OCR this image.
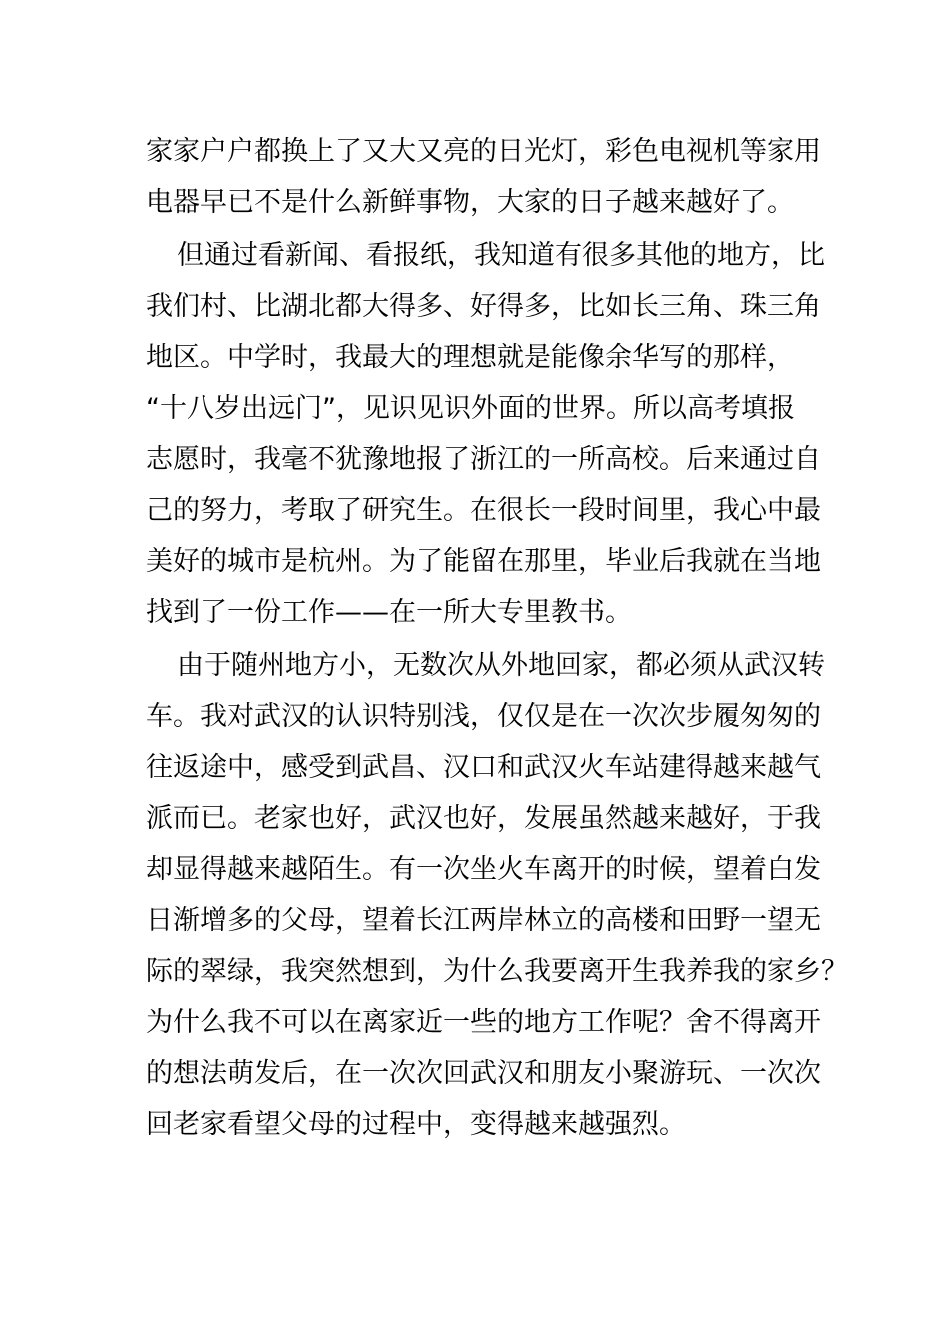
家家户户都换上了又大又亮的日光灯，彩色电视机等家用
电器早已不是什么新鲜事物，大家的日子越来越好了。
但通过看新闻、看报纸，我知道有很多其他的地方，比
我们村、比湖北都大得多、好得多，比如长三角、珠三角
地区。中学时，我最大的理想就是能像余华写的那样，
“十八岁出远门”，见识见识外面的世界。所以高考填报
志愿时，我毫不犹豫地报了浙江的一所高校。后来通过自
己的努力，考取了研究生。在很长一段时间里，我心中最
美好的城市是杭州。为了能留在那里，毕业后我就在当地
找到了一份工作——在一所大专里教书。
由于随州地方小，无数次从外地回家，都必须从武汉转
车。我对武汉的认识特别浅，仅仅是在一次次步履匆匆的
往返途中，感受到武昌、汉口和武汉火车站建得越来越气
派而已。老家也好，武汉也好，发展虽然越来越好，于我
却显得越来越陌生。有一次坐火车离开的时候，望着白发
日渐增多的父母，望着长江两岸林立的高楼和田野一望无
际的翠绿，我突然想到，为什么我要离开生我养我的家乡？
为什么我不可以在离家近一些的地方工作呢？舍不得离开
的想法萌发后，在一次次回武汉和朋友小聚游玩、一次次
回老家看望父母的过程中，变得越来越强烈。
